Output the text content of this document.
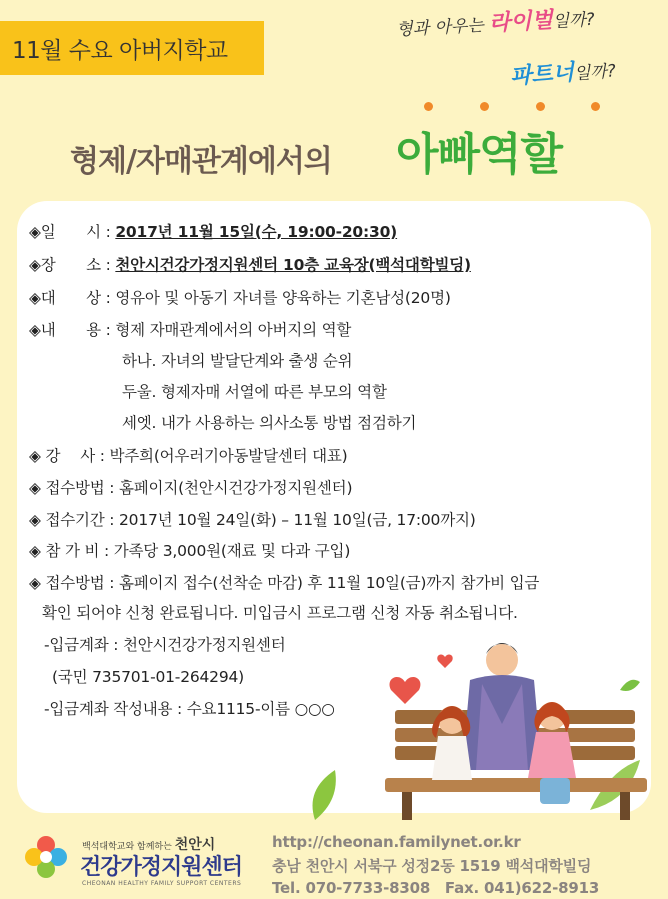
11월 수요 아버지학교
형과 아우는 라이벌일까?
파트너일까?
형제/자매관계에서의 아빠역할
◈일　　시 : 2017년 11월 15일(수, 19:00-20:30)
◈장　　소 : 천안시건강가정지원센터 10층 교육장(백석대학빌딩)
◈대　　상 : 영유아 및 아동기 자녀를 양육하는 기혼남성(20명)
◈내　　용 : 형제 자매관계에서의 아버지의 역할
하나. 자녀의 발달단계와 출생 순위
두울. 형제자매 서열에 따른 부모의 역할
세엣. 내가 사용하는 의사소통 방법 점검하기
◈ 강　 사 : 박주희(어우러기아동발달센터 대표)
◈ 접수방법 : 홈페이지(천안시건강가정지원센터)
◈ 접수기간 : 2017년 10월 24일(화) – 11월 10일(금, 17:00까지)
◈ 참 가 비 : 가족당 3,000원(재료 및 다과 구입)
◈ 접수방법 : 홈페이지 접수(선착순 마감) 후 11월 10일(금)까지 참가비 입금
확인 되어야 신청 완료됩니다. 미입금시 프로그램 신청 자동 취소됩니다.
-입금계좌 : 천안시건강가정지원센터
(국민 735701-01-264294)
-입금계좌 작성내용 : 수요1115-이름 ○○○
백석대학교와 함께하는 천안시
건강가정지원센터
CHEONAN HEALTHY FAMILY SUPPORT CENTERS
http://cheonan.familynet.or.kr
충남 천안시 서북구 성정2동 1519 백석대학빌딩
Tel. 070-7733-8308　Fax. 041)622-8913
